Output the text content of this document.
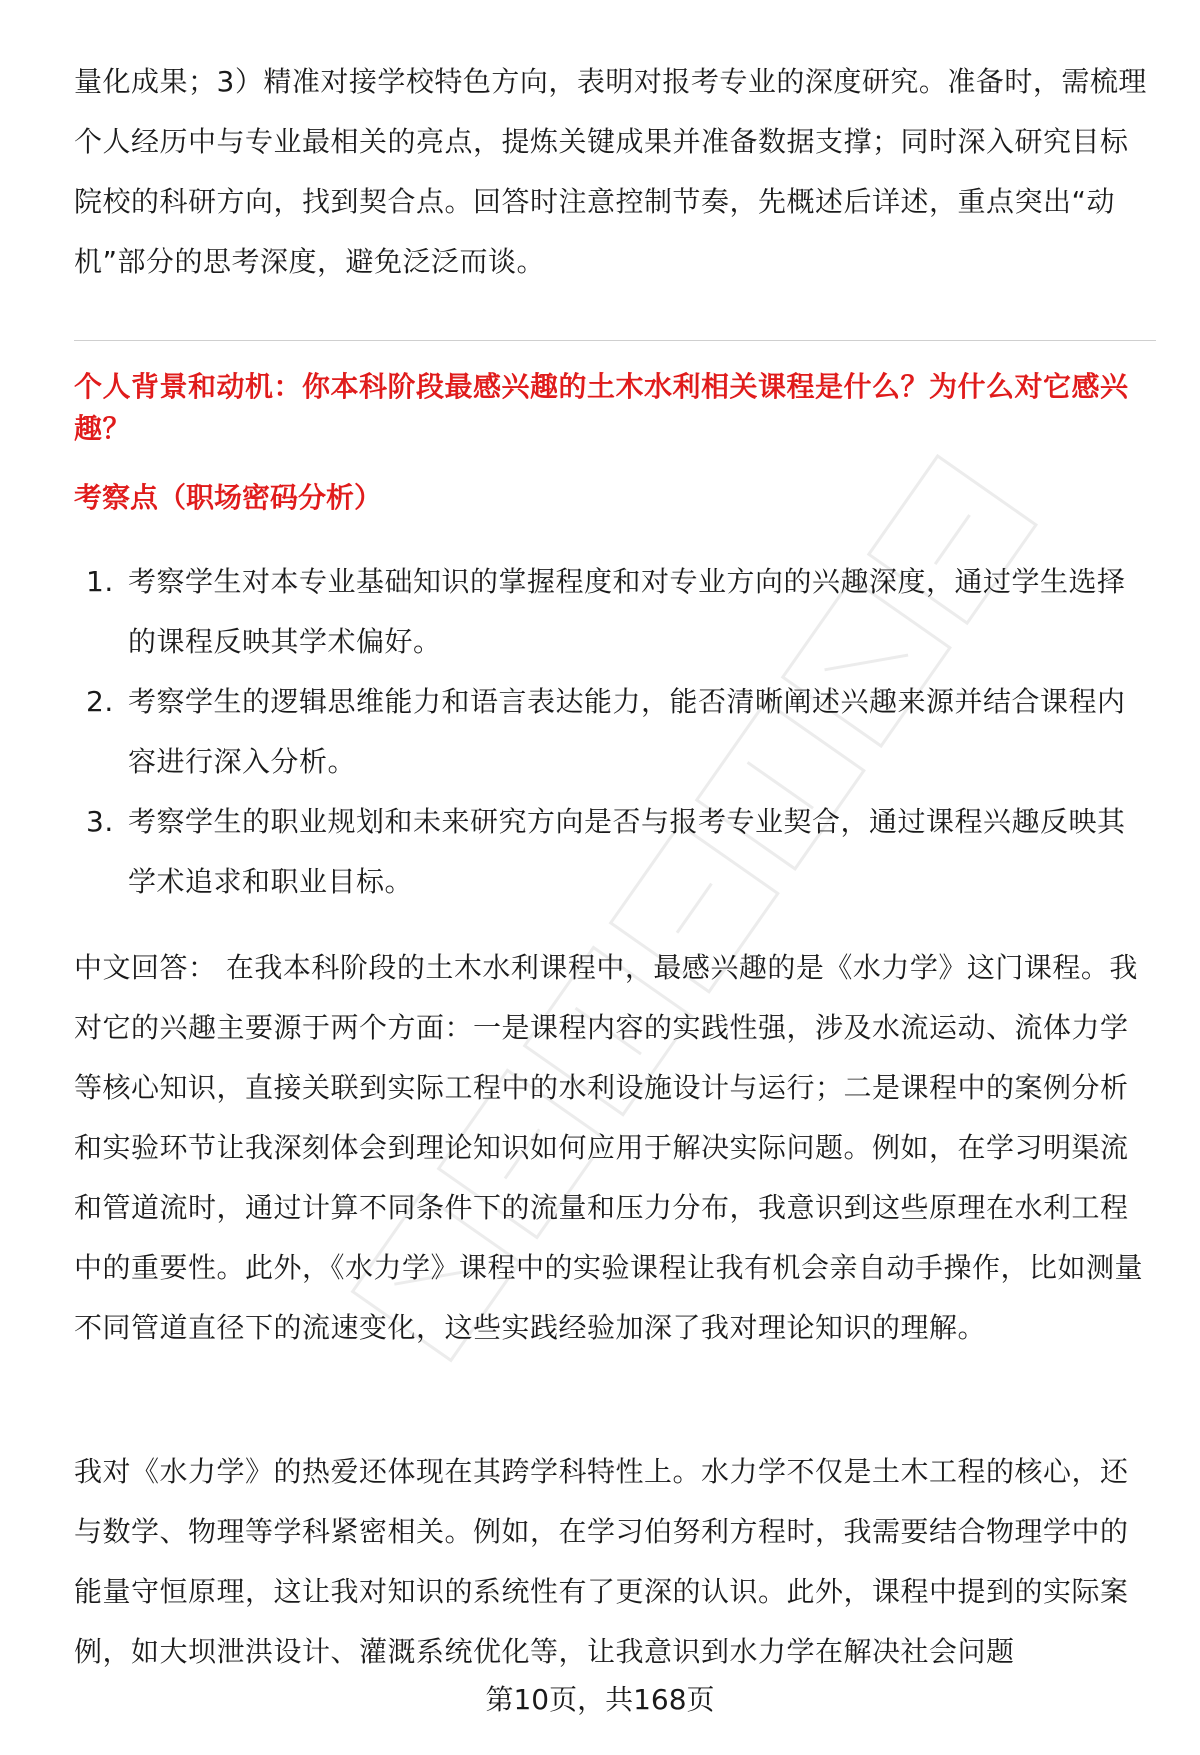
量化成果；3）精准对接学校特色方向，表明对报考专业的深度研究。准备时，需梳理个人经历中与专业最相关的亮点，提炼关键成果并准备数据支撑；同时深入研究目标院校的科研方向，找到契合点。回答时注意控制节奏，先概述后详述，重点突出“动机”部分的思考深度，避免泛泛而谈。

个人背景和动机：你本科阶段最感兴趣的土木水利相关课程是什么？为什么对它感兴趣？

考察点（职场密码分析）

1. 考察学生对本专业基础知识的掌握程度和对专业方向的兴趣深度，通过学生选择的课程反映其学术偏好。
2. 考察学生的逻辑思维能力和语言表达能力，能否清晰阐述兴趣来源并结合课程内容进行深入分析。
3. 考察学生的职业规划和未来研究方向是否与报考专业契合，通过课程兴趣反映其学术追求和职业目标。

中文回答： 在我本科阶段的土木水利课程中，最感兴趣的是《水力学》这门课程。我对它的兴趣主要源于两个方面：一是课程内容的实践性强，涉及水流运动、流体力学等核心知识，直接关联到实际工程中的水利设施设计与运行；二是课程中的案例分析和实验环节让我深刻体会到理论知识如何应用于解决实际问题。例如，在学习明渠流和管道流时，通过计算不同条件下的流量和压力分布，我意识到这些原理在水利工程中的重要性。此外，《水力学》课程中的实验课程让我有机会亲自动手操作，比如测量不同管道直径下的流速变化，这些实践经验加深了我对理论知识的理解。

我对《水力学》的热爱还体现在其跨学科特性上。水力学不仅是土木工程的核心，还与数学、物理等学科紧密相关。例如，在学习伯努利方程时，我需要结合物理学中的能量守恒原理，这让我对知识的系统性有了更深的认识。此外，课程中提到的实际案例，如大坝泄洪设计、灌溉系统优化等，让我意识到水力学在解决社会问题

第10页，共168页
